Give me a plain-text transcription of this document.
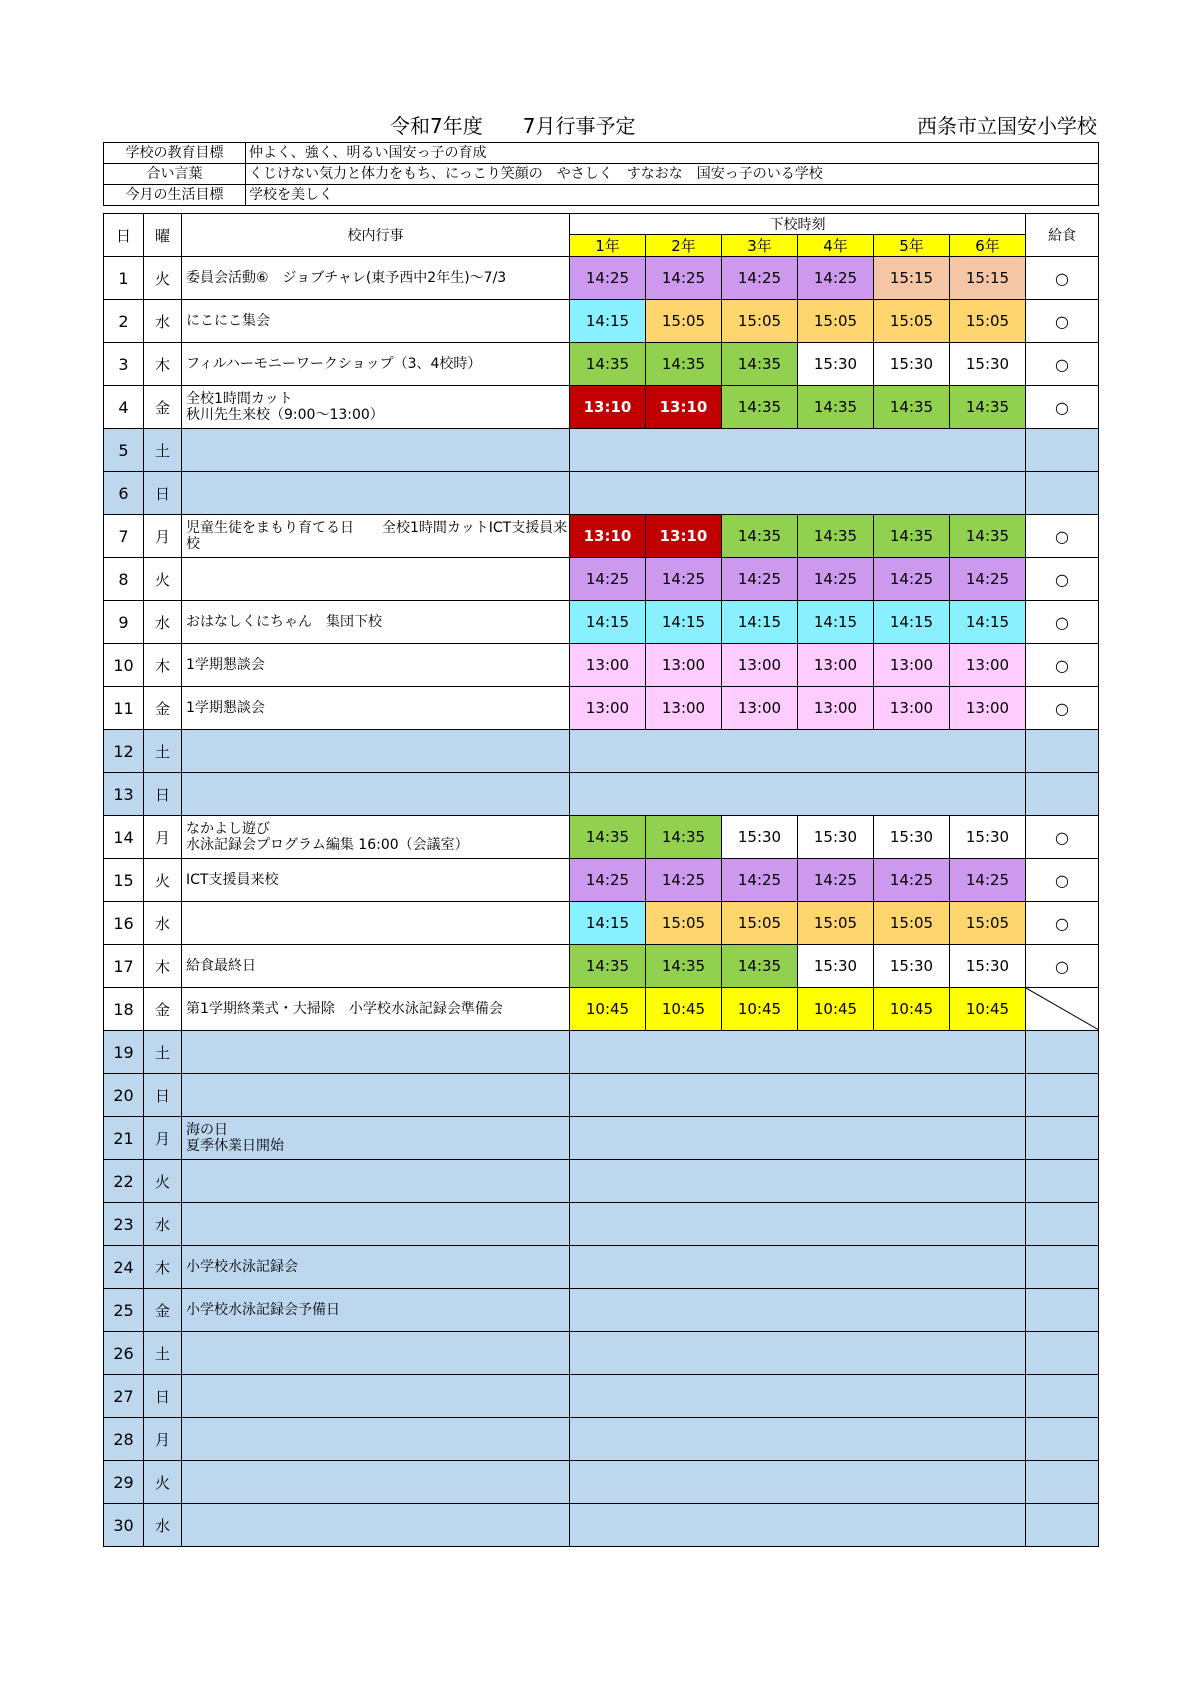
令和7年度　　7月行事予定	西条市立国安小学校
学校の教育目標	仲よく、強く、明るい国安っ子の育成
合い言葉	くじけない気力と体力をもち、にっこり笑顔の　やさしく　すなおな　国安っ子のいる学校
今月の生活目標	学校を美しく
日	曜	校内行事	下校時刻						給食
			1年	2年	3年	4年	5年	6年	
1	火	委員会活動⑥　ジョブチャレ(東予西中2年生)～7/3	14:25	14:25	14:25	14:25	15:15	15:15	○
2	水	にこにこ集会	14:15	15:05	15:05	15:05	15:05	15:05	○
3	木	フィルハーモニーワークショップ（3、4校時）	14:35	14:35	14:35	15:30	15:30	15:30	○
4	金	全校1時間カット
秋川先生来校（9:00～13:00）	13:10	13:10	14:35	14:35	14:35	14:35	○
5	土								
6	日								
7	月	児童生徒をまもり育てる日　　全校1時間カットICT支援員来校	13:10	13:10	14:35	14:35	14:35	14:35	○
8	火		14:25	14:25	14:25	14:25	14:25	14:25	○
9	水	おはなしくにちゃん　集団下校	14:15	14:15	14:15	14:15	14:15	14:15	○
10	木	1学期懇談会	13:00	13:00	13:00	13:00	13:00	13:00	○
11	金	1学期懇談会	13:00	13:00	13:00	13:00	13:00	13:00	○
12	土								
13	日								
14	月	なかよし遊び
水泳記録会プログラム編集 16:00（会議室）	14:35	14:35	15:30	15:30	15:30	15:30	○
15	火	ICT支援員来校	14:25	14:25	14:25	14:25	14:25	14:25	○
16	水		14:15	15:05	15:05	15:05	15:05	15:05	○
17	木	給食最終日	14:35	14:35	14:35	15:30	15:30	15:30	○
18	金	第1学期終業式・大掃除　小学校水泳記録会準備会	10:45	10:45	10:45	10:45	10:45	10:45	

19	土								
20	日								
21	月	海の日
夏季休業日開始							
22	火								
23	水								
24	木	小学校水泳記録会							
25	金	小学校水泳記録会予備日							
26	土								
27	日								
28	月								
29	火								
30	水								
